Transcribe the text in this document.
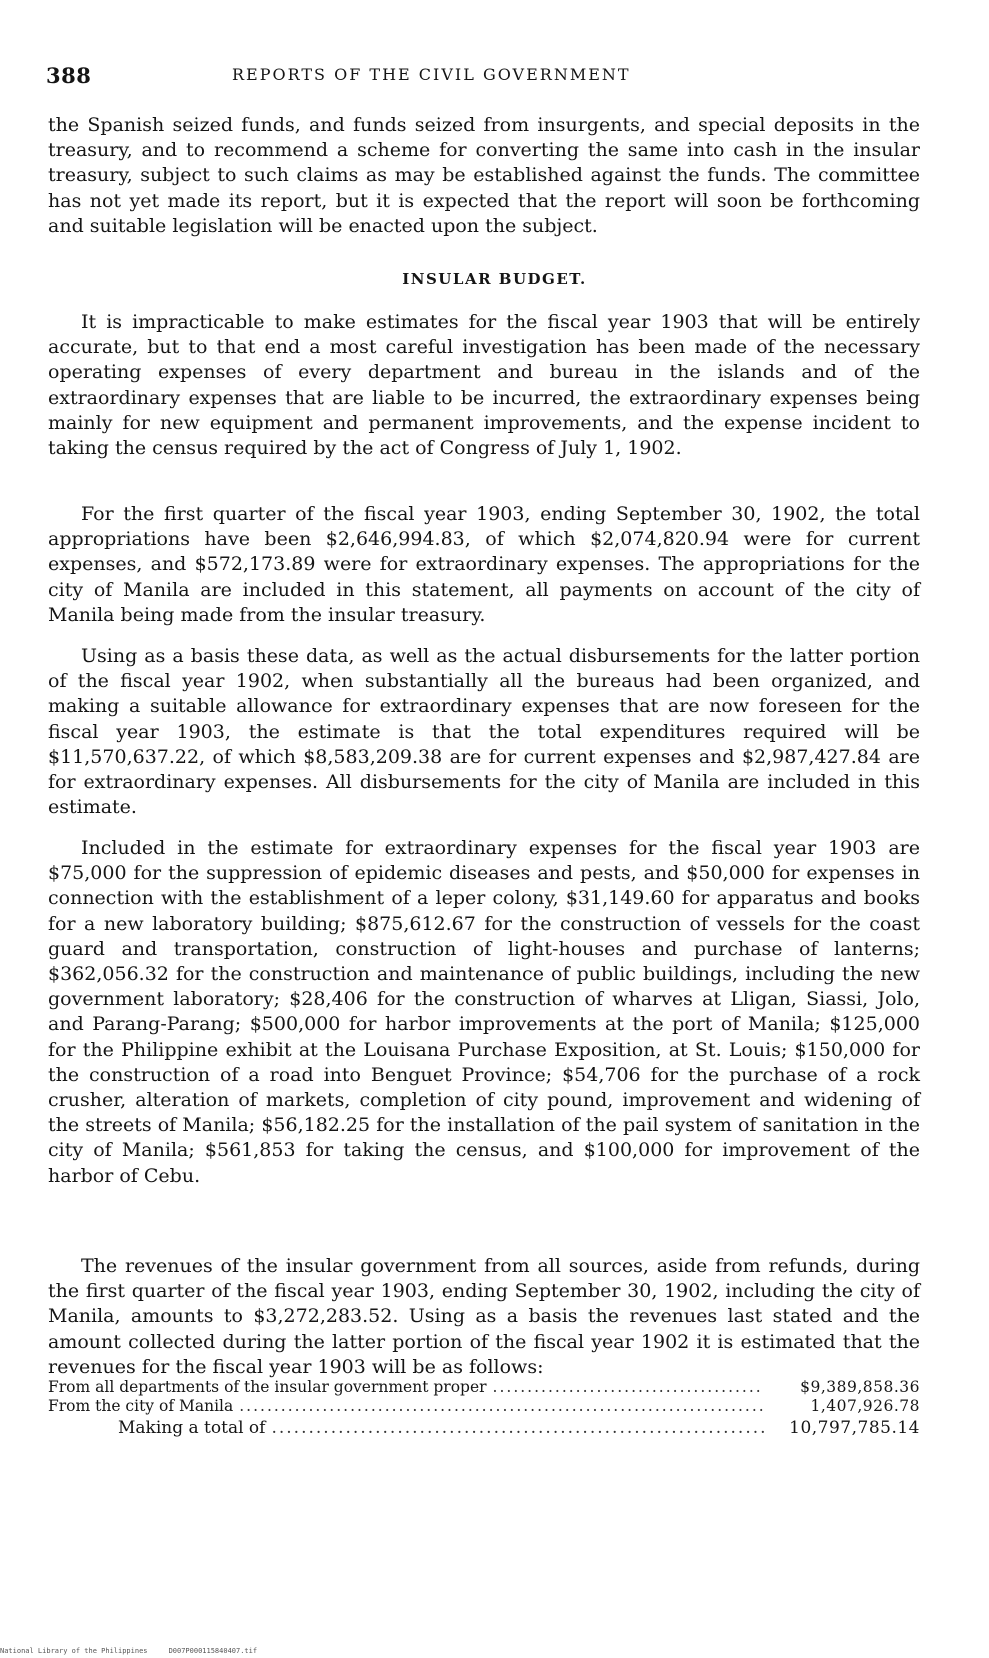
388	REPORTS OF THE CIVIL GOVERNMENT

the Spanish seized funds, and funds seized from insurgents, and special deposits in the treasury, and to recommend a scheme for converting the same into cash in the insular treasury, subject to such claims as may be established against the funds. The committee has not yet made its report, but it is expected that the report will soon be forthcoming and suitable legislation will be enacted upon the subject.

INSULAR BUDGET.

It is impracticable to make estimates for the fiscal year 1903 that will be entirely accurate, but to that end a most careful investigation has been made of the necessary operating expenses of every department and bureau in the islands and of the extraordinary expenses that are liable to be incurred, the extraordinary expenses being mainly for new equipment and permanent improvements, and the expense incident to taking the census required by the act of Congress of July 1, 1902.

For the first quarter of the fiscal year 1903, ending September 30, 1902, the total appropriations have been $2,646,994.83, of which $2,074,820.94 were for current expenses, and $572,173.89 were for extraordinary expenses. The appropriations for the city of Manila are included in this statement, all payments on account of the city of Manila being made from the insular treasury.

Using as a basis these data, as well as the actual disbursements for the latter portion of the fiscal year 1902, when substantially all the bureaus had been organized, and making a suitable allowance for extraordinary expenses that are now foreseen for the fiscal year 1903, the estimate is that the total expenditures required will be $11,570,637.22, of which $8,583,209.38 are for current expenses and $2,987,427.84 are for extraordinary expenses. All disbursements for the city of Manila are included in this estimate.

Included in the estimate for extraordinary expenses for the fiscal year 1903 are $75,000 for the suppression of epidemic diseases and pests, and $50,000 for expenses in connection with the establishment of a leper colony, $31,149.60 for apparatus and books for a new laboratory building; $875,612.67 for the construction of vessels for the coast guard and transportation, construction of light-houses and purchase of lanterns; $362,056.32 for the construction and maintenance of public buildings, including the new government laboratory; $28,406 for the construction of wharves at Lligan, Siassi, Jolo, and Parang-Parang; $500,000 for harbor improvements at the port of Manila; $125,000 for the Philippine exhibit at the Louisana Purchase Exposition, at St. Louis; $150,000 for the construction of a road into Benguet Province; $54,706 for the purchase of a rock crusher, alteration of markets, completion of city pound, improvement and widening of the streets of Manila; $56,182.25 for the installation of the pail system of sanitation in the city of Manila; $561,853 for taking the census, and $100,000 for improvement of the harbor of Cebu.

The revenues of the insular government from all sources, aside from refunds, during the first quarter of the fiscal year 1903, ending September 30, 1902, including the city of Manila, amounts to $3,272,283.52. Using as a basis the revenues last stated and the amount collected during the latter portion of the fiscal year 1902 it is estimated that the revenues for the fiscal year 1903 will be as follows:

From all departments of the insular government proper .....	$9,389,858.36
From the city of Manila .....	1,407,926.78
Making a total of .....	10,797,785.14
National Library of the Philippines     D007P000115840407.tif
